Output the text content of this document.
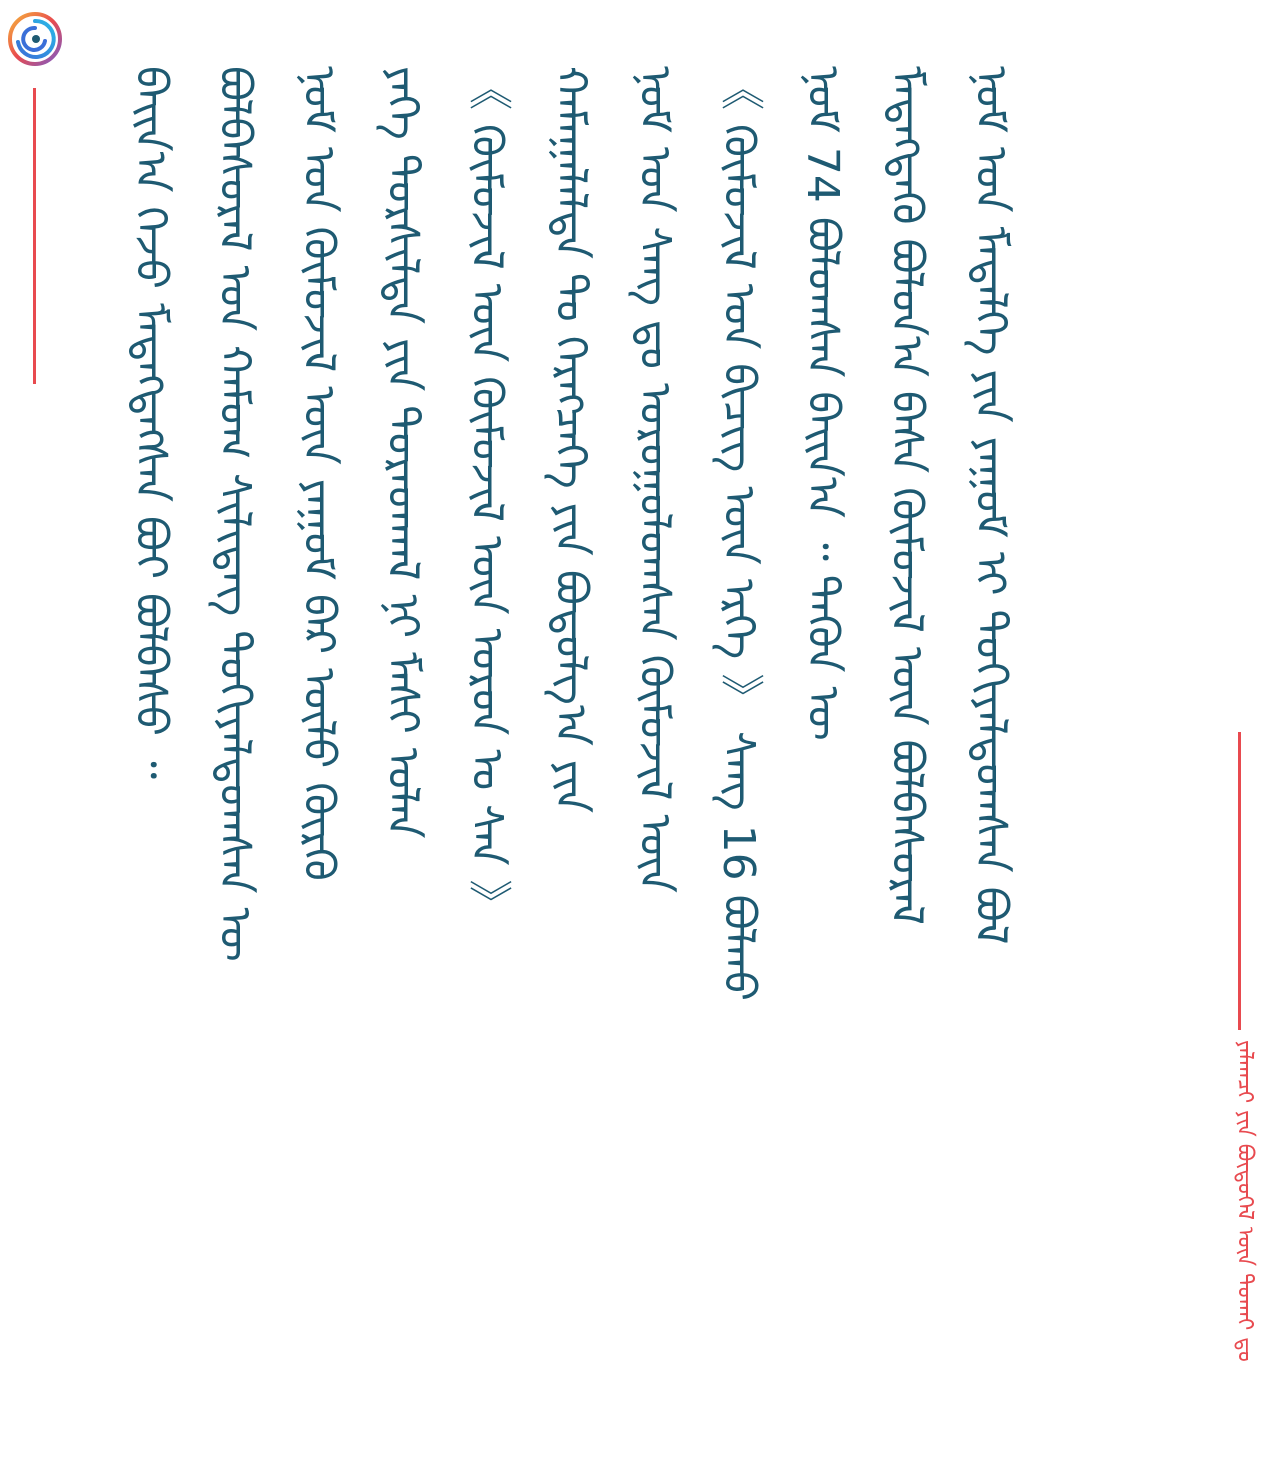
ᠶᠠᠯᠠᠭᠴᠢ ᠶᠢᠨ ᠪᠦᠲᠦᠭᠡᠯ ᠦᠨ ᠲᠤᠬᠠᠢ ᠳᠤ
ᠪᠠᠢᠨ᠎ᠠ ᠭᠡᠵᠦ ᠮᠡᠳᠡᠭᠳᠡᠭᠰᠡᠨ ᠪᠤᠢ ᠪᠣᠯᠪᠠᠰᠤ ᠃ ᠪᠣᠯᠪᠠᠰᠤᠷᠠᠯ ᠤᠨ ᠬᠠᠮᠤᠭ ᠰᠢᠯᠢᠳᠡᠭ ᠲᠣᠬᠢᠶᠠᠯᠳᠤᠭᠰᠠᠨ ᠦ ᠨᠣᠮ ᠤᠨ ᠬᠦᠮᠦᠵᠢᠯ ᠦᠨ ᠶᠠᠭᠤᠮ ᠪᠠᠷ ᠦᠯᠦ ᠬᠦᠷᠬᠦ ᠶᠡᠬᠡ ᠲᠤᠷᠰᠢᠯᠲᠠ ᠶᠢᠨ ᠳᠤᠷᠠᠳᠬᠠᠯ ᠨᠢ ᠮᠠᠰᠢ ᠣᠯᠠᠨ 《 ᠬᠦᠮᠦᠵᠢᠯ ᠦᠨ ᠬᠦᠮᠦᠵᠢᠯ ᠦᠨ ᠣᠷᠣᠨ ᠤ ᠰᠠᠨ 》 ᠬᠠᠮᠠᠭᠠᠯᠠᠯᠲᠠ ᠲᠤ ᠬᠡᠷᠡᠭᠴᠡᠭᠡ ᠶᠢᠨ ᠪᠣᠳᠤᠯᠭ᠎ᠠ ᠶᠢᠨ ᠨᠣᠮ ᠤᠨ ᠰᠠᠩ ᠳᠤ ᠣᠷᠣᠭᠤᠯᠤᠭᠰᠠᠨ ᠬᠦᠮᠦᠵᠢᠯ ᠦᠨ 《 ᠬᠦᠮᠦᠵᠢᠯ ᠤᠨ ᠪᠢᠴᠢᠭ ᠦᠨ ᠡᠷᠬᠡ 》 ᠰᠠᠩ 16 ᠪᠣᠯᠬᠣ ᠨᠣᠮ 74 ᠪᠣᠯᠤᠭᠰᠠᠨ ᠪᠠᠢᠨ᠎ᠠ ᠃ ᠲᠡᠭᠦᠨ ᠦ ᠮᠡᠳᠡᠭᠳᠡᠬᠦ ᠪᠣᠯᠤᠨ᠎ᠠ ᠪᠠᠰᠠ ᠬᠦᠮᠦᠵᠢᠯ ᠦᠨ ᠪᠣᠯᠪᠠᠰᠤᠷᠠᠯ ᠨᠣᠮ ᠤᠨ ᠮᠡᠳᠡᠯᠭᠡ ᠶᠢᠨ ᠶᠠᠭᠤᠮ ᠢ ᠲᠣᠬᠢᠶᠠᠯᠳᠤᠭᠰᠠᠨ ᠪᠤᠯ
